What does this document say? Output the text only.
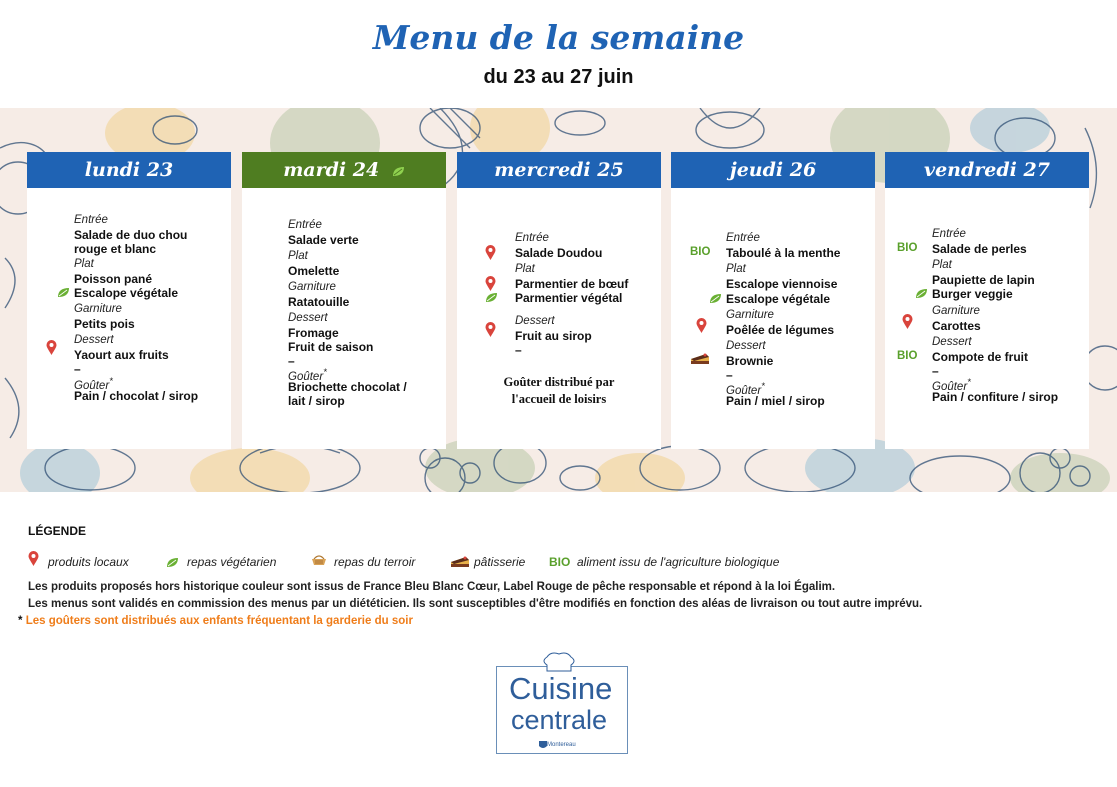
Menu de la semaine
du 23 au 27 juin
lundi 23
Entrée
Salade de duo chou
rouge et blanc
Plat
Poisson pané
Escalope végétale
Garniture
Petits pois
Dessert
Yaourt aux fruits
–
Goûter*
Pain / chocolat / sirop
mardi 24
Entrée
Salade verte
Plat
Omelette
Garniture
Ratatouille
Dessert
Fromage
Fruit de saison
–
Goûter*
Briochette chocolat /
lait / sirop
mercredi 25
Entrée
Salade Doudou
Plat
Parmentier de bœuf
Parmentier végétal
Dessert
Fruit au sirop
–
Goûter distribué par
l'accueil de loisirs
jeudi 26
Entrée
BIO Taboulé à la menthe
Plat
Escalope viennoise
Escalope végétale
Garniture
Poêlée de légumes
Dessert
Brownie
–
Goûter*
Pain / miel / sirop
vendredi 27
Entrée
BIO Salade de perles
Plat
Paupiette de lapin
Burger veggie
Garniture
Carottes
Dessert
BIO Compote de fruit
–
Goûter*
Pain / confiture / sirop
LÉGENDE
produits locaux	repas végétarien	repas du terroir	pâtisserie BIO aliment issu de l'agriculture biologique
Les produits proposés hors historique couleur sont issus de France Bleu Blanc Cœur, Label Rouge de pêche responsable et répond à la loi Égalim.
Les menus sont validés en commission des menus par un diététicien. Ils sont susceptibles d'être modifiés en fonction des aléas de livraison ou tout autre imprévu.
* Les goûters sont distribués aux enfants fréquentant la garderie du soir
Cuisine
centrale
Montereau
